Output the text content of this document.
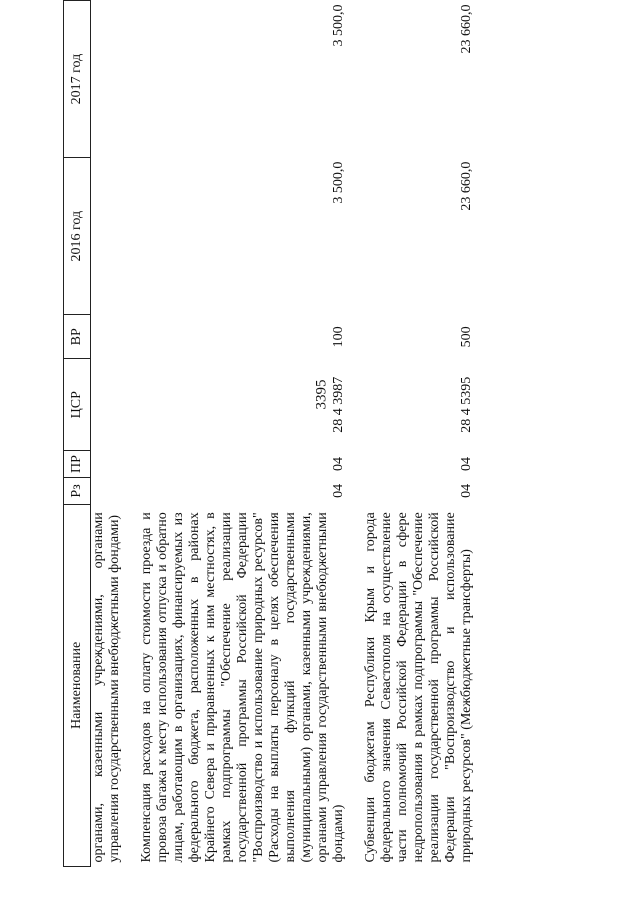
3395
Наименование	Рз	ПР	ЦСР	ВР	2016 год	2017 год
органами, казенными учреждениями, органами управления государственными внебюджетными фондами)						
Компенсация расходов на оплату стоимости проезда и провоза багажа к месту использования отпуска и обратно лицам, работающим в организациях, финансируемых из федерального бюджета, расположенных в районах Крайнего Севера и приравненных к ним местностях, в рамках подпрограммы "Обеспечение реализации государственной программы Российской Федерации "Воспроизводство и использование природных ресурсов" (Расходы на выплаты персоналу в целях обеспечения выполнения функций государственными (муниципальными) органами, казенными учреждениями, органами управления государственными внебюджетными фондами)	04	04	28 4 3987	100	3 500,0	3 500,0
Субвенции бюджетам Республики Крым и города федерального значения Севастополя на осуществление части полномочий Российской Федерации в сфере недропользования в рамках подпрограммы "Обеспечение реализации государственной программы Российской Федерации "Воспроизводство и использование природных ресурсов" (Межбюджетные трансферты)	04	04	28 4 5395	500	23 660,0	23 660,0
